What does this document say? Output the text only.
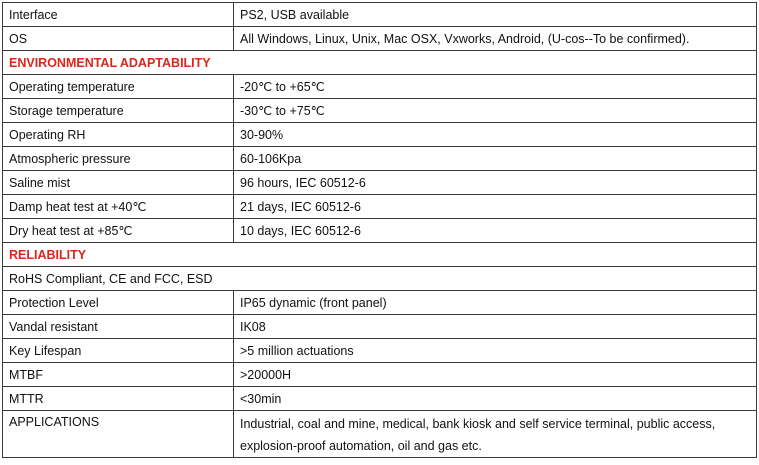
Interface	PS2, USB available
OS	All Windows, Linux, Unix, Mac OSX, Vxworks, Android, (U-cos--To be confirmed).
ENVIRONMENTAL ADAPTABILITY	
Operating temperature	-20℃ to +65℃
Storage temperature	-30℃ to +75℃
Operating RH	30-90%
Atmospheric pressure	60-106Kpa
Saline mist	96 hours, IEC 60512-6
Damp heat test at +40℃	21 days, IEC 60512-6
Dry heat test at +85℃	10 days, IEC 60512-6
RELIABILITY	
RoHS Compliant, CE and FCC, ESD	
Protection Level	IP65 dynamic (front panel)
Vandal resistant	IK08
Key Lifespan	>5 million actuations
MTBF	>20000H
MTTR	<30min
APPLICATIONS	Industrial, coal and mine, medical, bank kiosk and self service terminal, public access, explosion-proof automation, oil and gas etc.
